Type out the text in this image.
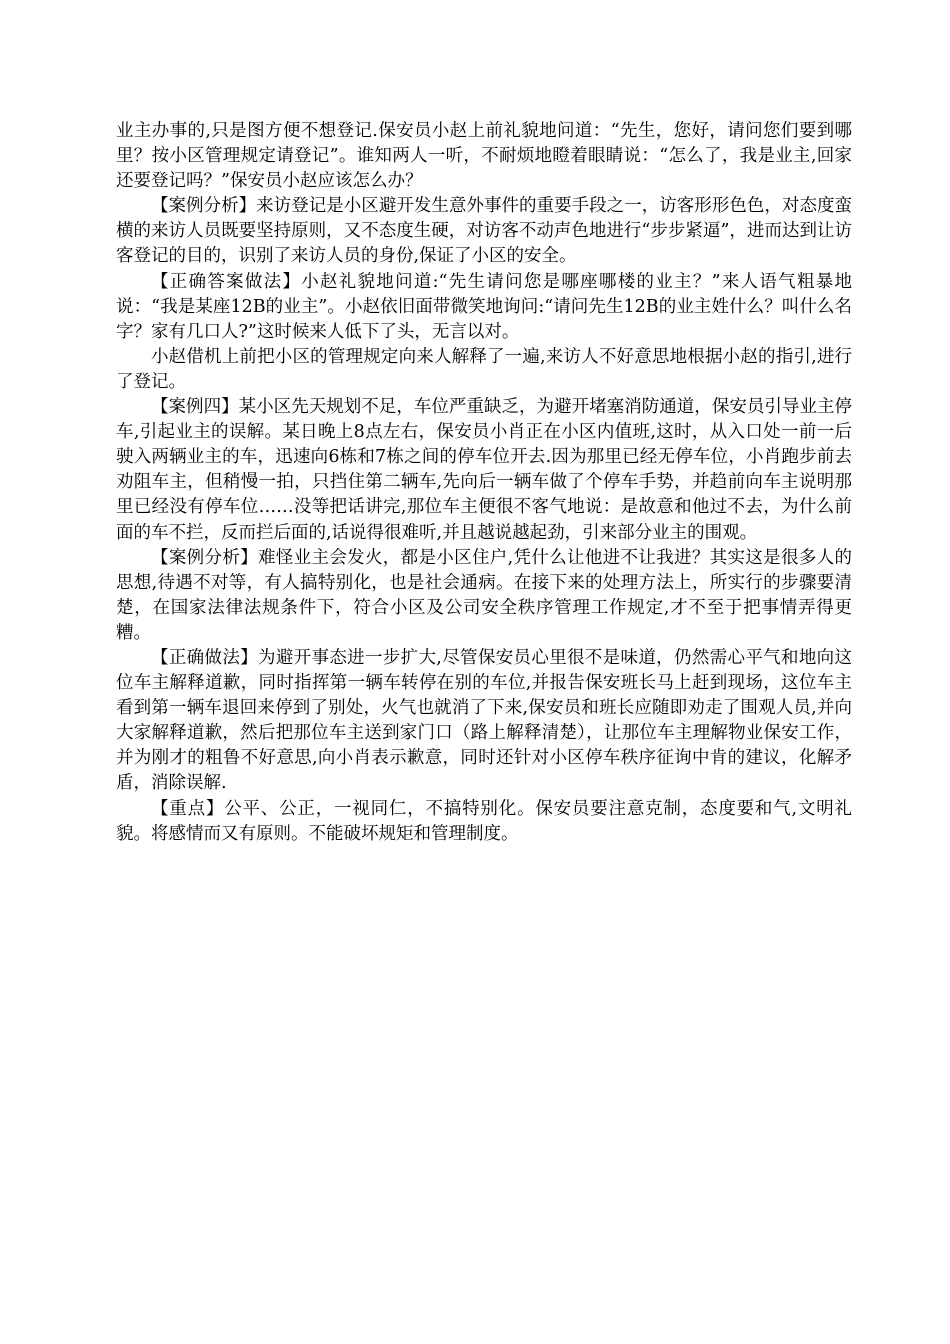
业主办事的,只是图方便不想登记.保安员小赵上前礼貌地问道：“先生，您好，请问您们要到哪里？按小区管理规定请登记”。谁知两人一听，不耐烦地瞪着眼睛说：“怎么了，我是业主,回家还要登记吗？”保安员小赵应该怎么办？

【案例分析】来访登记是小区避开发生意外事件的重要手段之一，访客形形色色，对态度蛮横的来访人员既要坚持原则，又不态度生硬，对访客不动声色地进行“步步紧逼”，进而达到让访客登记的目的，识别了来访人员的身份,保证了小区的安全。

【正确答案做法】小赵礼貌地问道:“先生请问您是哪座哪楼的业主？”来人语气粗暴地说：“我是某座12B的业主”。小赵依旧面带微笑地询问:“请问先生12B的业主姓什么？叫什么名字？家有几口人?”这时候来人低下了头，无言以对。

小赵借机上前把小区的管理规定向来人解释了一遍,来访人不好意思地根据小赵的指引,进行了登记。

【案例四】某小区先天规划不足，车位严重缺乏，为避开堵塞消防通道，保安员引导业主停车,引起业主的误解。某日晚上8点左右，保安员小肖正在小区内值班,这时，从入口处一前一后驶入两辆业主的车，迅速向6栋和7栋之间的停车位开去.因为那里已经无停车位，小肖跑步前去劝阻车主，但稍慢一拍，只挡住第二辆车,先向后一辆车做了个停车手势，并趋前向车主说明那里已经没有停车位……没等把话讲完,那位车主便很不客气地说：是故意和他过不去，为什么前面的车不拦，反而拦后面的,话说得很难听,并且越说越起劲，引来部分业主的围观。

【案例分析】难怪业主会发火，都是小区住户,凭什么让他进不让我进？其实这是很多人的思想,待遇不对等，有人搞特别化，也是社会通病。在接下来的处理方法上，所实行的步骤要清楚，在国家法律法规条件下，符合小区及公司安全秩序管理工作规定,才不至于把事情弄得更糟。

【正确做法】为避开事态进一步扩大,尽管保安员心里很不是味道，仍然需心平气和地向这位车主解释道歉，同时指挥第一辆车转停在别的车位,并报告保安班长马上赶到现场，这位车主看到第一辆车退回来停到了别处，火气也就消了下来,保安员和班长应随即劝走了围观人员,并向大家解释道歉，然后把那位车主送到家门口（路上解释清楚），让那位车主理解物业保安工作，并为刚才的粗鲁不好意思,向小肖表示歉意，同时还针对小区停车秩序征询中肯的建议，化解矛盾，消除误解.

【重点】公平、公正，一视同仁，不搞特别化。保安员要注意克制，态度要和气,文明礼貌。将感情而又有原则。不能破坏规矩和管理制度。
